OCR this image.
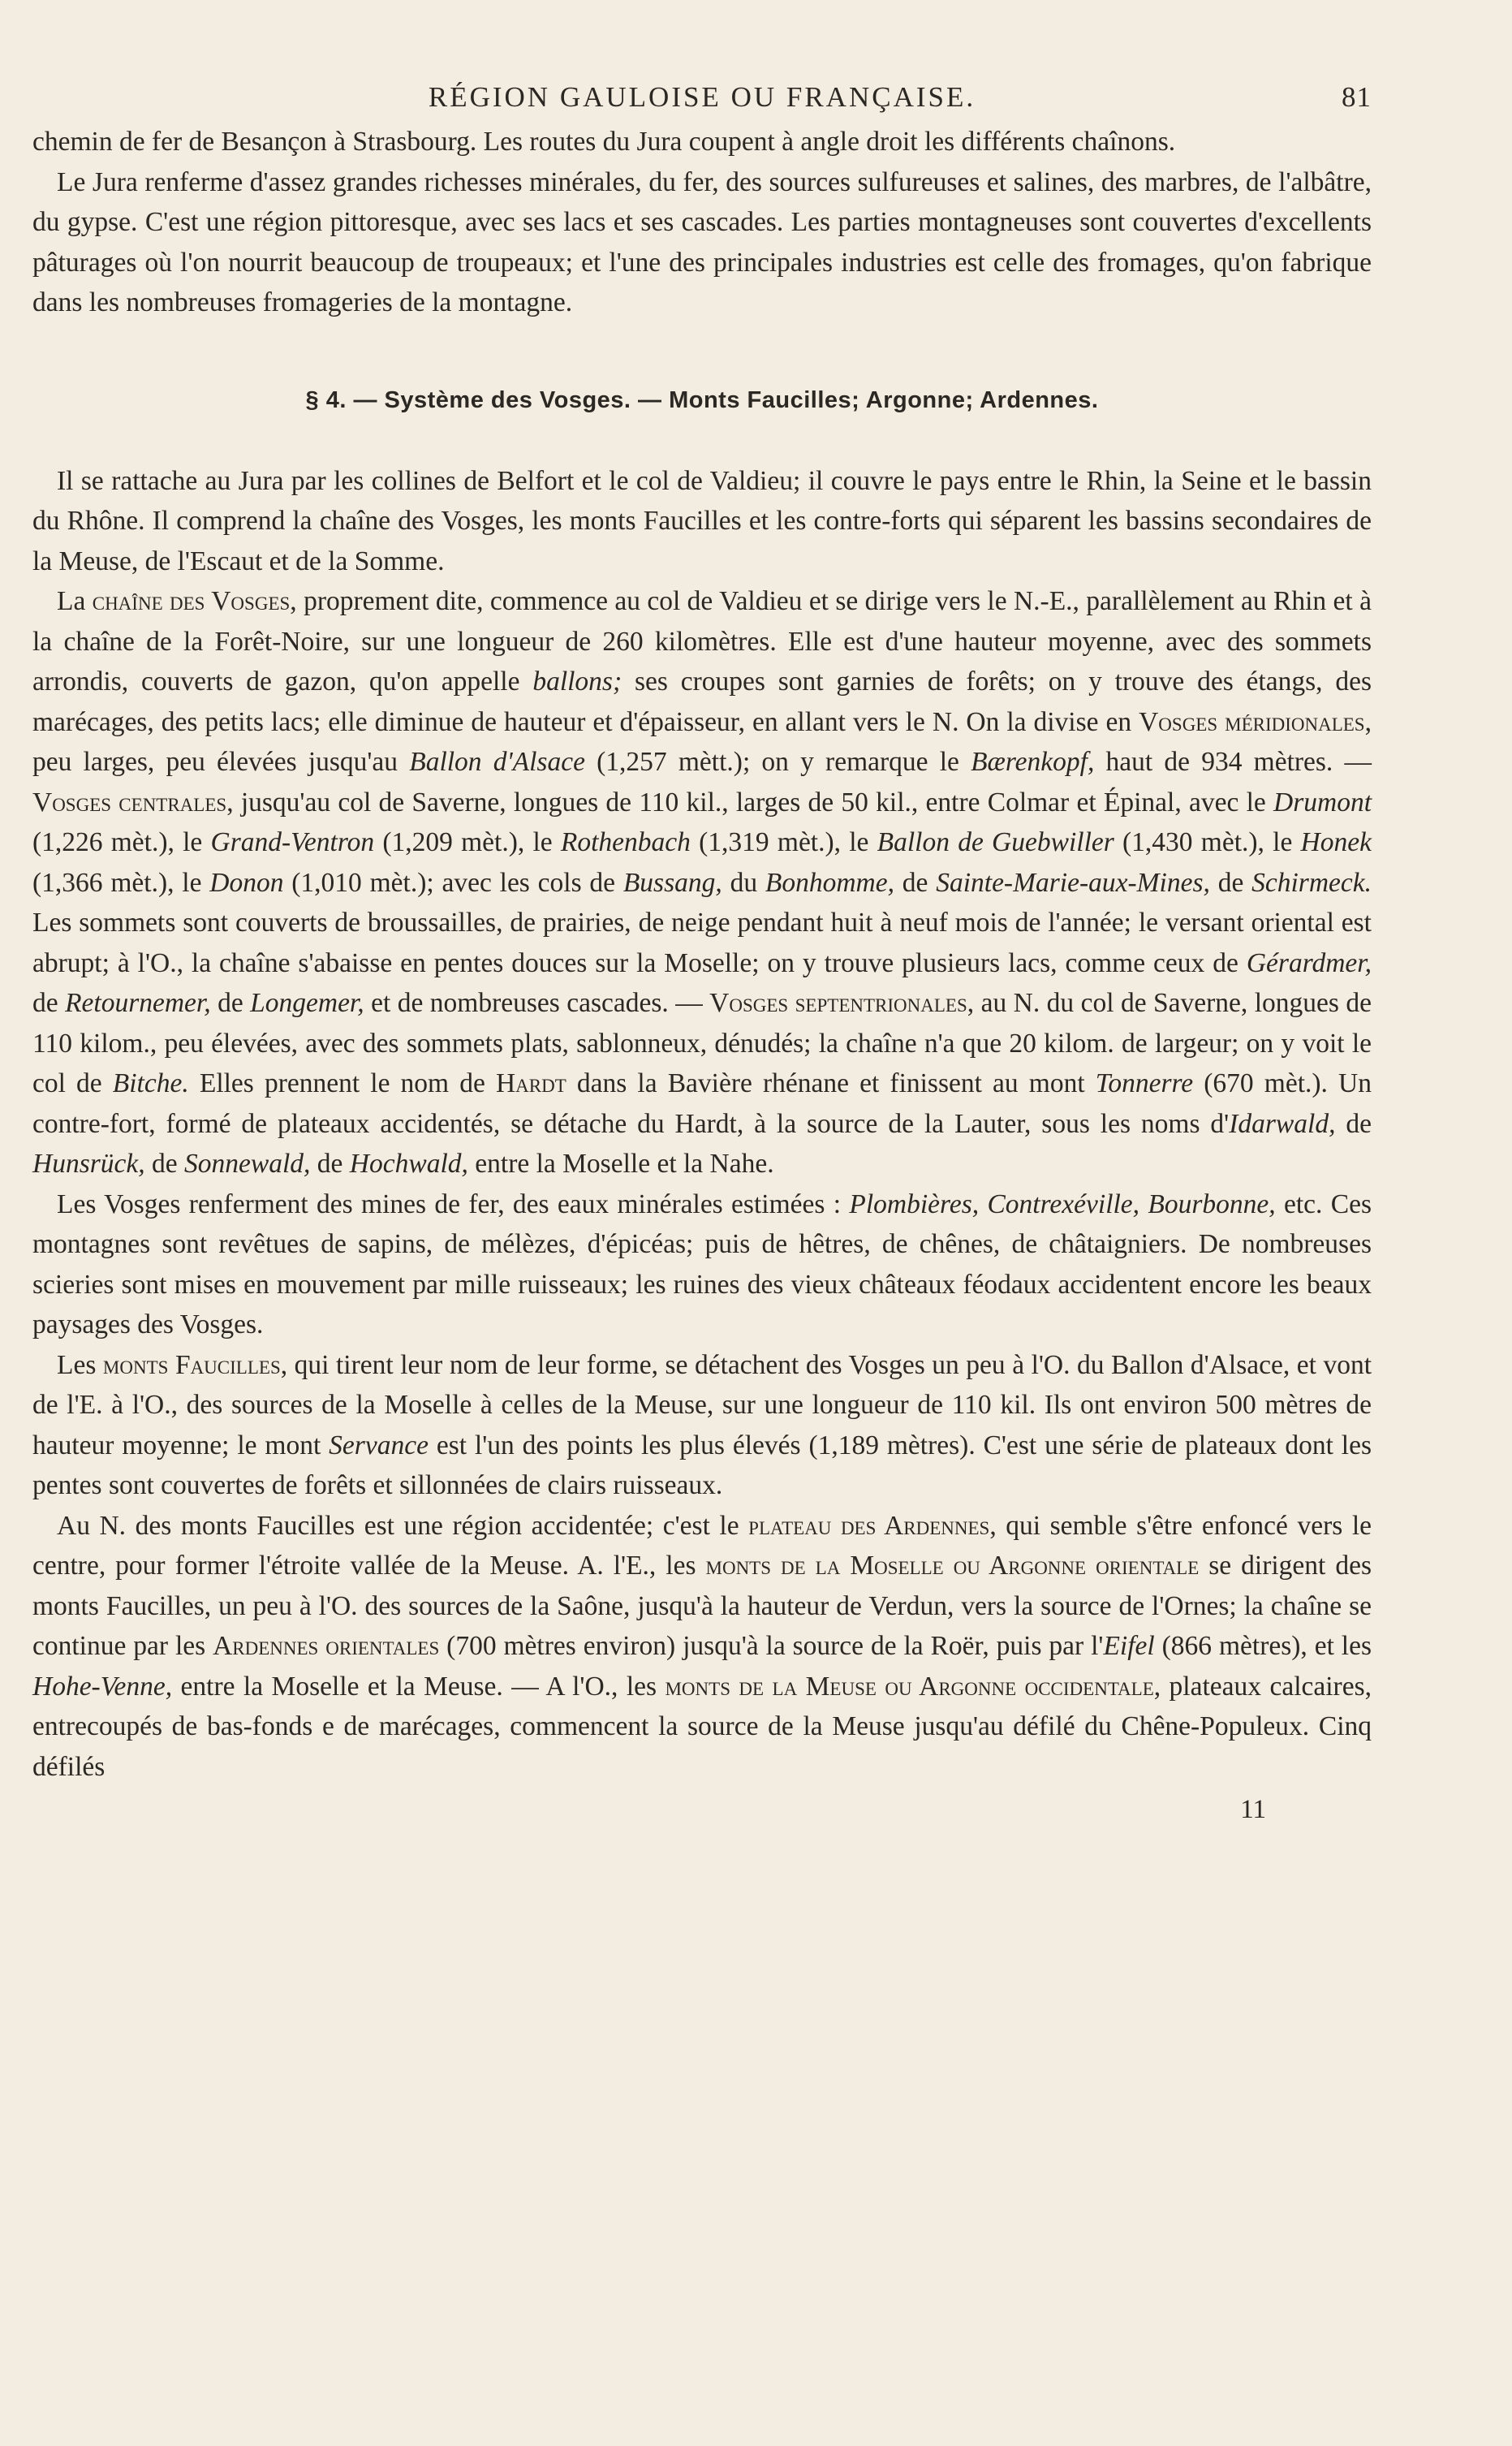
RÉGION GAULOISE OU FRANÇAISE.	81

chemin de fer de Besançon à Strasbourg. Les routes du Jura coupent à angle droit les différents chaînons.

Le Jura renferme d'assez grandes richesses minérales, du fer, des sources sulfureuses et salines, des marbres, de l'albâtre, du gypse. C'est une région pittoresque, avec ses lacs et ses cascades. Les parties montagneuses sont couvertes d'excellents pâturages où l'on nourrit beaucoup de troupeaux; et l'une des principales industries est celle des fromages, qu'on fabrique dans les nombreuses fromageries de la montagne.

§ 4. — Système des Vosges. — Monts Faucilles; Argonne; Ardennes.

Il se rattache au Jura par les collines de Belfort et le col de Valdieu; il couvre le pays entre le Rhin, la Seine et le bassin du Rhône. Il comprend la chaîne des Vosges, les monts Faucilles et les contre-forts qui séparent les bassins secondaires de la Meuse, de l'Escaut et de la Somme.

La chaîne des Vosges, proprement dite, commence au col de Valdieu et se dirige vers le N.-E., parallèlement au Rhin et à la chaîne de la Forêt-Noire, sur une longueur de 260 kilomètres. Elle est d'une hauteur moyenne, avec des sommets arrondis, couverts de gazon, qu'on appelle ballons; ses croupes sont garnies de forêts; on y trouve des étangs, des marécages, des petits lacs; elle diminue de hauteur et d'épaisseur, en allant vers le N. On la divise en Vosges méridionales, peu larges, peu élevées jusqu'au Ballon d'Alsace (1,257 mètt.); on y remarque le Bærenkopf, haut de 934 mètres. — Vosges centrales, jusqu'au col de Saverne, longues de 110 kil., larges de 50 kil., entre Colmar et Épinal, avec le Drumont (1,226 mèt.), le Grand-Ventron (1,209 mèt.), le Rothenbach (1,319 mèt.), le Ballon de Guebwiller (1,430 mèt.), le Honek (1,366 mèt.), le Donon (1,010 mèt.); avec les cols de Bussang, du Bonhomme, de Sainte-Marie-aux-Mines, de Schirmeck. Les sommets sont couverts de broussailles, de prairies, de neige pendant huit à neuf mois de l'année; le versant oriental est abrupt; à l'O., la chaîne s'abaisse en pentes douces sur la Moselle; on y trouve plusieurs lacs, comme ceux de Gérardmer, de Retournemer, de Longemer, et de nombreuses cascades. — Vosges septentrionales, au N. du col de Saverne, longues de 110 kilom., peu élevées, avec des sommets plats, sablonneux, dénudés; la chaîne n'a que 20 kilom. de largeur; on y voit le col de Bitche. Elles prennent le nom de Hardt dans la Bavière rhénane et finissent au mont Tonnerre (670 mèt.). Un contre-fort, formé de plateaux accidentés, se détache du Hardt, à la source de la Lauter, sous les noms d'Idarwald, de Hunsrück, de Sonnewald, de Hochwald, entre la Moselle et la Nahe.

Les Vosges renferment des mines de fer, des eaux minérales estimées : Plombières, Contrexéville, Bourbonne, etc. Ces montagnes sont revêtues de sapins, de mélèzes, d'épicéas; puis de hêtres, de chênes, de châtaigniers. De nombreuses scieries sont mises en mouvement par mille ruisseaux; les ruines des vieux châteaux féodaux accidentent encore les beaux paysages des Vosges.

Les monts Faucilles, qui tirent leur nom de leur forme, se détachent des Vosges un peu à l'O. du Ballon d'Alsace, et vont de l'E. à l'O., des sources de la Moselle à celles de la Meuse, sur une longueur de 110 kil. Ils ont environ 500 mètres de hauteur moyenne; le mont Servance est l'un des points les plus élevés (1,189 mètres). C'est une série de plateaux dont les pentes sont couvertes de forêts et sillonnées de clairs ruisseaux.

Au N. des monts Faucilles est une région accidentée; c'est le plateau des Ardennes, qui semble s'être enfoncé vers le centre, pour former l'étroite vallée de la Meuse. A. l'E., les monts de la Moselle ou Argonne orientale se dirigent des monts Faucilles, un peu à l'O. des sources de la Saône, jusqu'à la hauteur de Verdun, vers la source de l'Ornes; la chaîne se continue par les Ardennes orientales (700 mètres environ) jusqu'à la source de la Roër, puis par l'Eifel (866 mètres), et les Hohe-Venne, entre la Moselle et la Meuse. — A l'O., les monts de la Meuse ou Argonne occidentale, plateaux calcaires, entrecoupés de bas-fonds e de marécages, commencent la source de la Meuse jusqu'au défilé du Chêne-Populeux. Cinq défilés

11
